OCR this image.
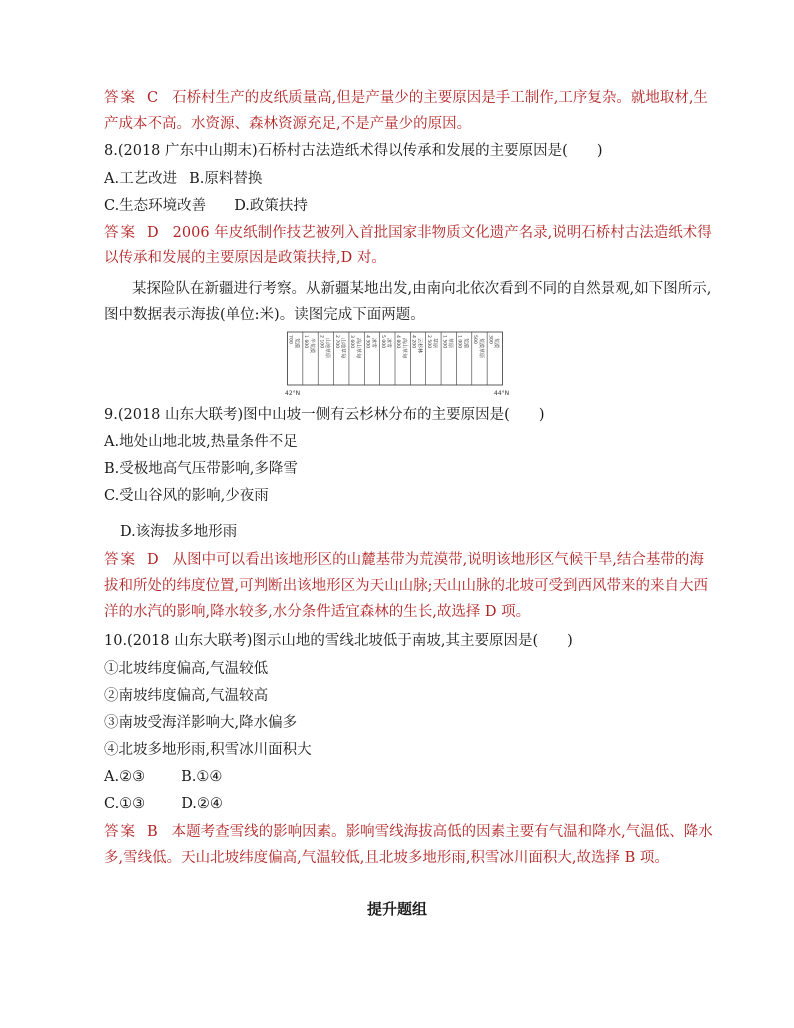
答案 C 石桥村生产的皮纸质量高,但是产量少的主要原因是手工制作,工序复杂。就地取材,生
产成本不高。水资源、森林资源充足,不是产量少的原因。
8.(2018 广东中山期末)石桥村古法造纸术得以传承和发展的主要原因是(　　)
A.工艺改进 B.原料替换
C.生态环境改善 D.政策扶持
答案 D 2006 年皮纸制作技艺被列入首批国家非物质文化遗产名录,说明石桥村古法造纸术得
以传承和发展的主要原因是政策扶持,D 对。
某探险队在新疆进行考察。从新疆某地出发,由南向北依次看到不同的自然景观,如下图所示,
图中数据表示海拔(单位:米)。读图完成下面两题。
700 荒漠 1 600 半荒漠 2 100 山地草原 2 700 山地草甸 3 600 高山草甸 4 300 冰雪 5 000 冰雪 4 800 高山草甸 4 200 云杉林 2 500 草原 1 500 草原 1 000 荒漠 500 荒漠草原 300 荒漠
42°N	44°N
9.(2018 山东大联考)图中山坡一侧有云杉林分布的主要原因是(　　)
A.地处山地北坡,热量条件不足
B.受极地高气压带影响,多降雪
C.受山谷风的影响,少夜雨
D.该海拔多地形雨
答案 D 从图中可以看出该地形区的山麓基带为荒漠带,说明该地形区气候干旱,结合基带的海
拔和所处的纬度位置,可判断出该地形区为天山山脉;天山山脉的北坡可受到西风带来的来自大西
洋的水汽的影响,降水较多,水分条件适宜森林的生长,故选择 D 项。
10.(2018 山东大联考)图示山地的雪线北坡低于南坡,其主要原因是(　　)
①北坡纬度偏高,气温较低
②南坡纬度偏高,气温较高
③南坡受海洋影响大,降水偏多
④北坡多地形雨,积雪冰川面积大
A.②③ B.①④
C.①③ D.②④
答案 B 本题考查雪线的影响因素。影响雪线海拔高低的因素主要有气温和降水,气温低、降水
多,雪线低。天山北坡纬度偏高,气温较低,且北坡多地形雨,积雪冰川面积大,故选择 B 项。
提升题组
